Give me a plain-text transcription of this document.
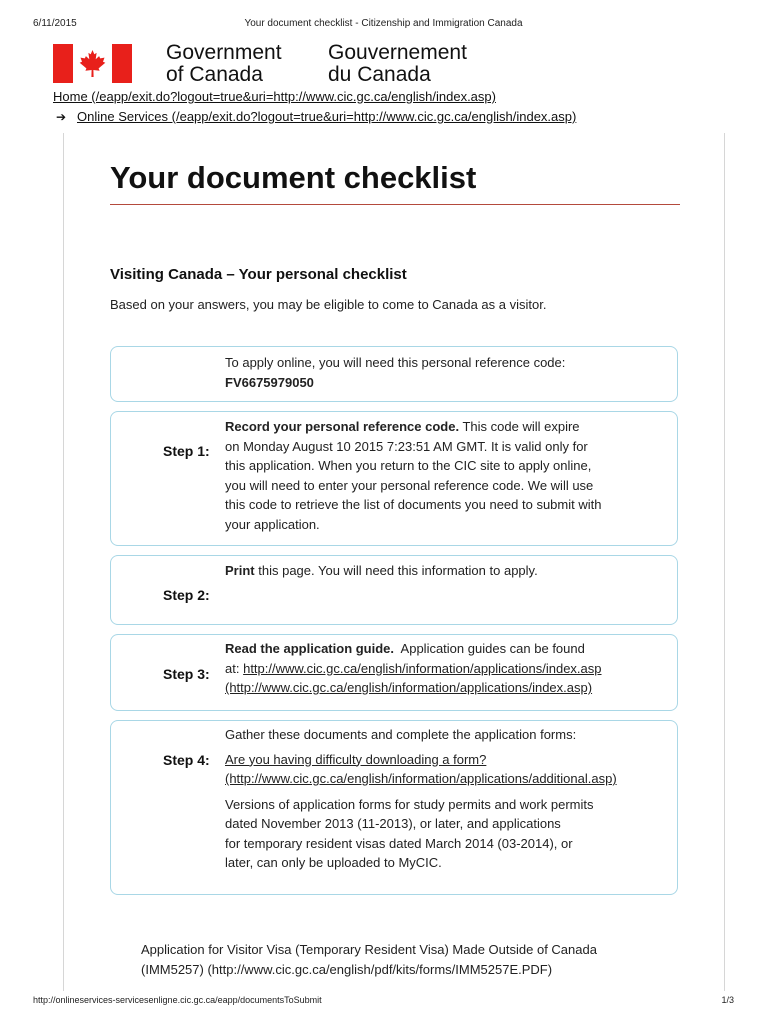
6/11/2015	Your document checklist - Citizenship and Immigration Canada
Government
of Canada
Gouvernement
du Canada
Home (/eapp/exit.do?logout=true&uri=http://www.cic.gc.ca/english/index.asp)
➔ Online Services (/eapp/exit.do?logout=true&uri=http://www.cic.gc.ca/english/index.asp)
Your document checklist
Visiting Canada – Your personal checklist

Based on your answers, you may be eligible to come to Canada as a visitor.

To apply online, you will need this personal reference code:

FV6675979050

Step 1:

Record your personal reference code. This code will expire

on Monday August 10 2015 7:23:51 AM GMT. It is valid only for

this application. When you return to the CIC site to apply online,

you will need to enter your personal reference code. We will use

this code to retrieve the list of documents you need to submit with

your application.

Step 2:

Print this page. You will need this information to apply.

Step 3:

Read the application guide. Application guides can be found

at: http://www.cic.gc.ca/english/information/applications/index.asp

(http://www.cic.gc.ca/english/information/applications/index.asp)

Step 4:

Gather these documents and complete the application forms:

Are you having difficulty downloading a form?

(http://www.cic.gc.ca/english/information/applications/additional.asp)

Versions of application forms for study permits and work permits

dated November 2013 (11-2013), or later, and applications

for temporary resident visas dated March 2014 (03-2014), or

later, can only be uploaded to MyCIC.

Application for Visitor Visa (Temporary Resident Visa) Made Outside of Canada
(IMM5257) (http://www.cic.gc.ca/english/pdf/kits/forms/IMM5257E.PDF)
http://onlineservices-servicesenligne.cic.gc.ca/eapp/documentsToSubmit	1/3
